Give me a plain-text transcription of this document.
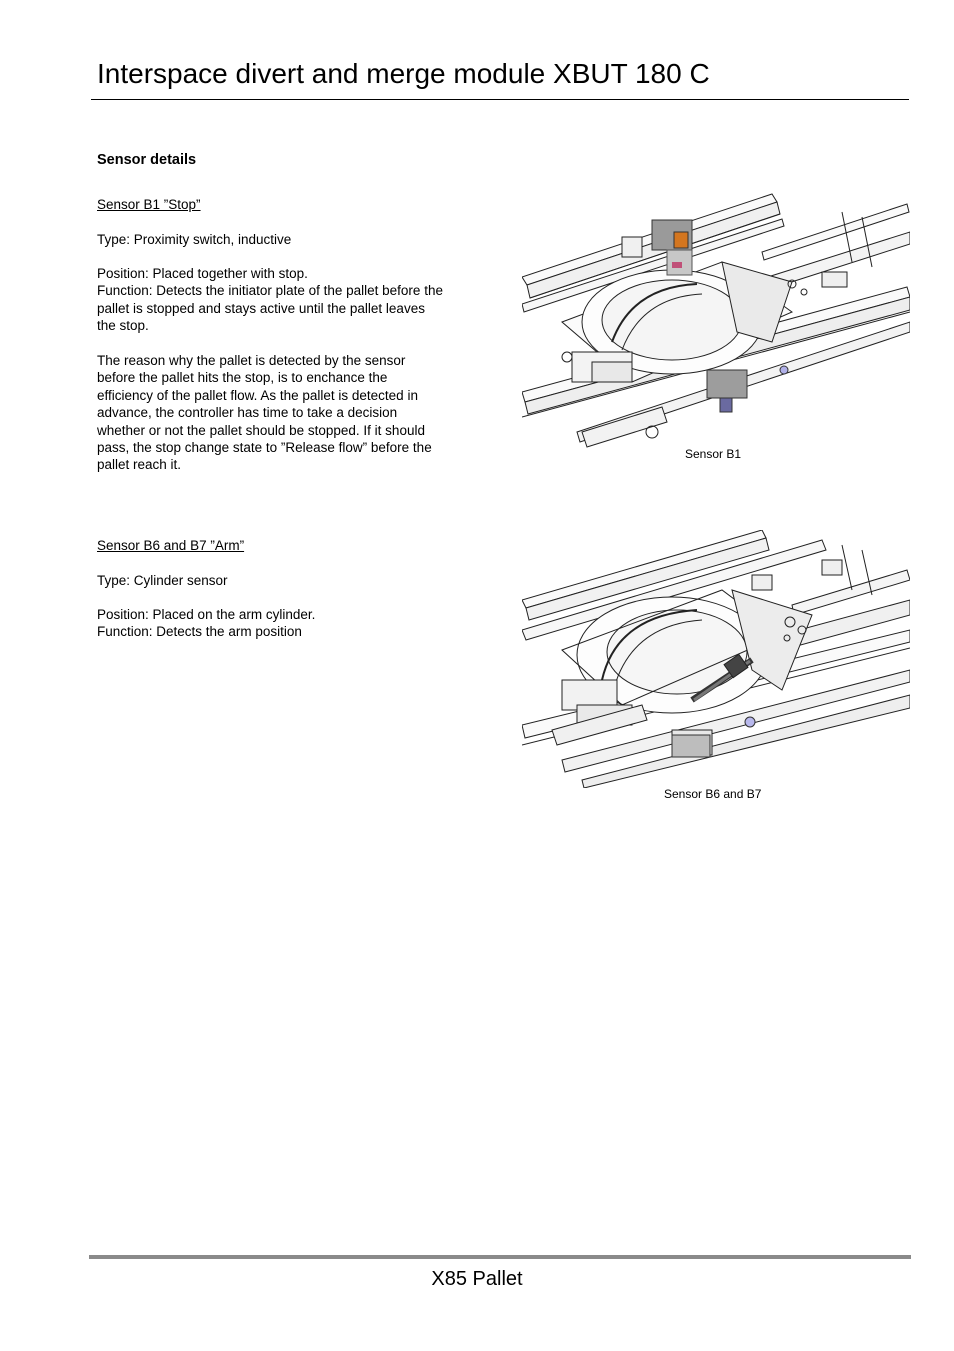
Interspace divert and merge module XBUT 180 C
Sensor details
Sensor B1 ”Stop”
Type: Proximity switch, inductive
Position: Placed together with stop.
Function: Detects the initiator plate of the pallet before the
pallet is stopped and stays active until the pallet leaves
the stop.
The reason why the pallet is detected by the sensor
before the pallet hits the stop, is to enchance the
efficiency of the pallet flow. As the pallet is detected in
advance, the controller has time to take a decision
whether or not the pallet should be stopped. If it should
pass, the stop change state to ”Release flow” before the
pallet reach it.
Sensor B1
Sensor B6 and B7 ”Arm”
Type: Cylinder sensor
Position: Placed on the arm cylinder.
Function: Detects the arm position
Sensor B6 and B7
X85 Pallet
